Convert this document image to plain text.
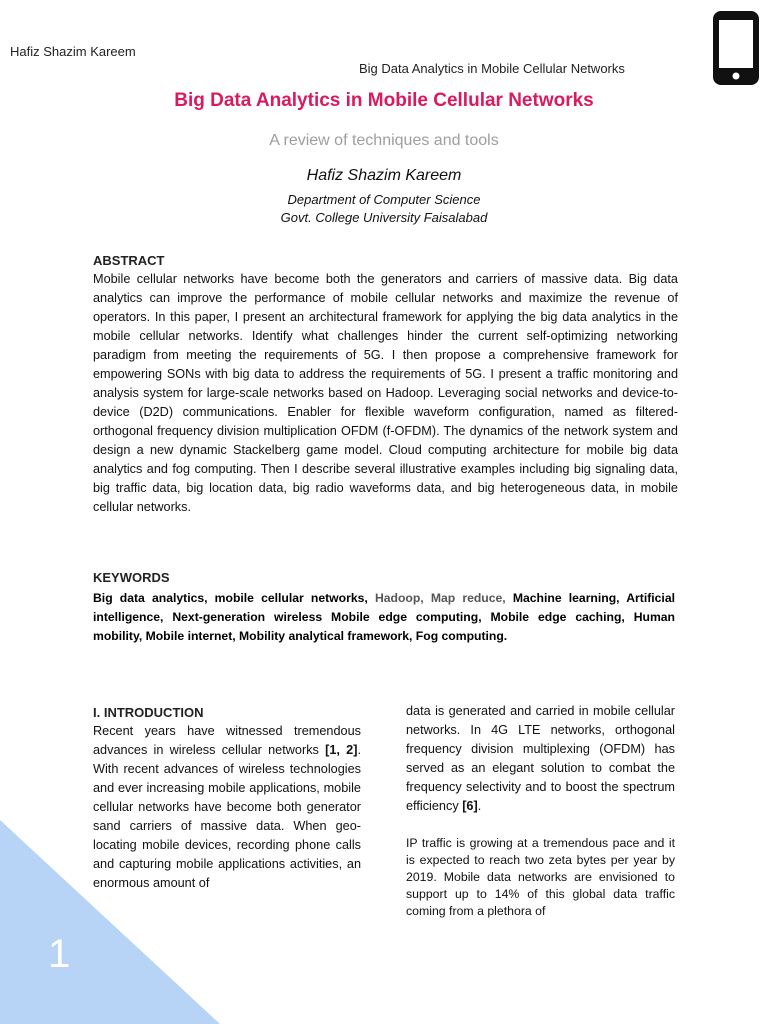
Hafiz Shazim Kareem
Big Data Analytics in Mobile Cellular Networks
Big Data Analytics in Mobile Cellular Networks
A review of techniques and tools
Hafiz Shazim Kareem
Department of Computer Science
Govt. College University Faisalabad
ABSTRACT
Mobile cellular networks have become both the generators and carriers of massive data. Big data analytics can improve the performance of mobile cellular networks and maximize the revenue of operators. In this paper, I present an architectural framework for applying the big data analytics in the mobile cellular networks. Identify what challenges hinder the current self-optimizing networking paradigm from meeting the requirements of 5G. I then propose a comprehensive framework for empowering SONs with big data to address the requirements of 5G. I present a traffic monitoring and analysis system for large-scale networks based on Hadoop. Leveraging social networks and device-to-device (D2D) communications. Enabler for flexible waveform configuration, named as filtered- orthogonal frequency division multiplication OFDM (f-OFDM). The dynamics of the network system and design a new dynamic Stackelberg game model. Cloud computing architecture for mobile big data analytics and fog computing. Then I describe several illustrative examples including big signaling data, big traffic data, big location data, big radio waveforms data, and big heterogeneous data, in mobile cellular networks.
KEYWORDS
Big data analytics, mobile cellular networks, Hadoop, Map reduce, Machine learning, Artificial intelligence, Next-generation wireless Mobile edge computing, Mobile edge caching, Human mobility, Mobile internet, Mobility analytical framework, Fog computing.
I. INTRODUCTION
Recent years have witnessed tremendous advances in wireless cellular networks [1, 2]. With recent advances of wireless technologies and ever increasing mobile applications, mobile cellular networks have become both generator sand carriers of massive data. When geo-locating mobile devices, recording phone calls and capturing mobile applications activities, an enormous amount of
data is generated and carried in mobile cellular networks. In 4G LTE networks, orthogonal frequency division multiplexing (OFDM) has served as an elegant solution to combat the frequency selectivity and to boost the spectrum efficiency [6].
IP traffic is growing at a tremendous pace and it is expected to reach two zeta bytes per year by 2019. Mobile data networks are envisioned to support up to 14% of this global data traffic coming from a plethora of
1
